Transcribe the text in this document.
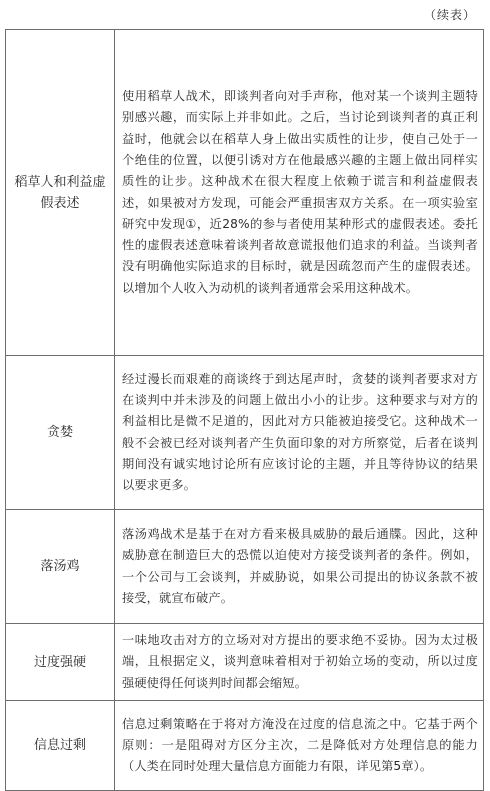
（续表）
稻草人和利益虚假表述	使用稻草人战术，即谈判者向对手声称，他对某一个谈判主题特别感兴趣，而实际上并非如此。之后，当讨论到谈判者的真正利益时，他就会以在稻草人身上做出实质性的让步，使自己处于一个绝佳的位置，以便引诱对方在他最感兴趣的主题上做出同样实质性的让步。这种战术在很大程度上依赖于谎言和利益虚假表述，如果被对方发现，可能会严重损害双方关系。在一项实验室研究中发现①，近28%的参与者使用某种形式的虚假表述。委托性的虚假表述意味着谈判者故意谎报他们追求的利益。当谈判者没有明确他实际追求的目标时，就是因疏忽而产生的虚假表述。以增加个人收入为动机的谈判者通常会采用这种战术。
贪婪	经过漫长而艰难的商谈终于到达尾声时，贪婪的谈判者要求对方在谈判中并未涉及的问题上做出小小的让步。这种要求与对方的利益相比是微不足道的，因此对方只能被迫接受它。这种战术一般不会被已经对谈判者产生负面印象的对方所察觉，后者在谈判期间没有诚实地讨论所有应该讨论的主题，并且等待协议的结果以要求更多。
落汤鸡	落汤鸡战术是基于在对方看来极具威胁的最后通牒。因此，这种威胁意在制造巨大的恐慌以迫使对方接受谈判者的条件。例如，一个公司与工会谈判，并威胁说，如果公司提出的协议条款不被接受，就宣布破产。
过度强硬	一味地攻击对方的立场对对方提出的要求绝不妥协。因为太过极端，且根据定义，谈判意味着相对于初始立场的变动，所以过度强硬使得任何谈判时间都会缩短。
信息过剩	信息过剩策略在于将对方淹没在过度的信息流之中。它基于两个原则：一是阻碍对方区分主次，二是降低对方处理信息的能力（人类在同时处理大量信息方面能力有限，详见第5章）。
